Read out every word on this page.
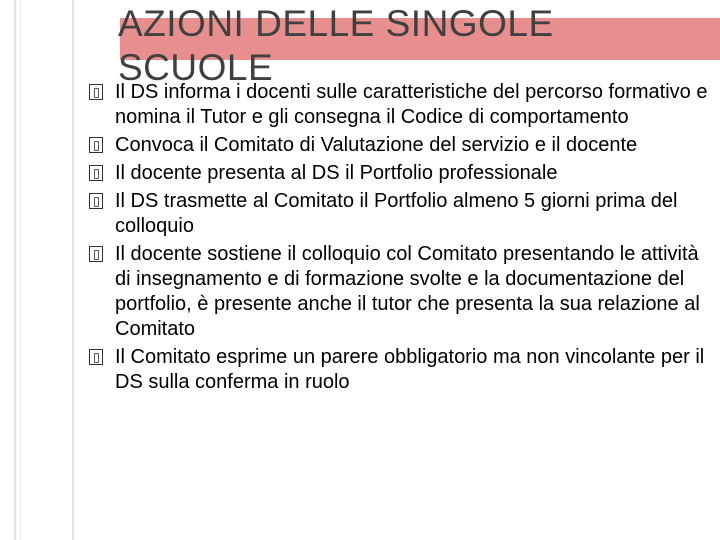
AZIONI DELLE SINGOLE SCUOLE
Il DS informa i docenti sulle caratteristiche del percorso formativo e nomina il Tutor e gli consegna il Codice di comportamento
Convoca il Comitato di Valutazione del servizio e il docente
Il docente presenta al DS il Portfolio professionale
Il DS trasmette al Comitato il Portfolio almeno 5 giorni prima del colloquio
Il docente sostiene il colloquio col Comitato presentando le attività di insegnamento e di formazione svolte e la documentazione del portfolio, è presente anche il tutor che presenta la sua relazione al Comitato
Il Comitato esprime un parere obbligatorio ma non vincolante per il DS sulla conferma in ruolo
